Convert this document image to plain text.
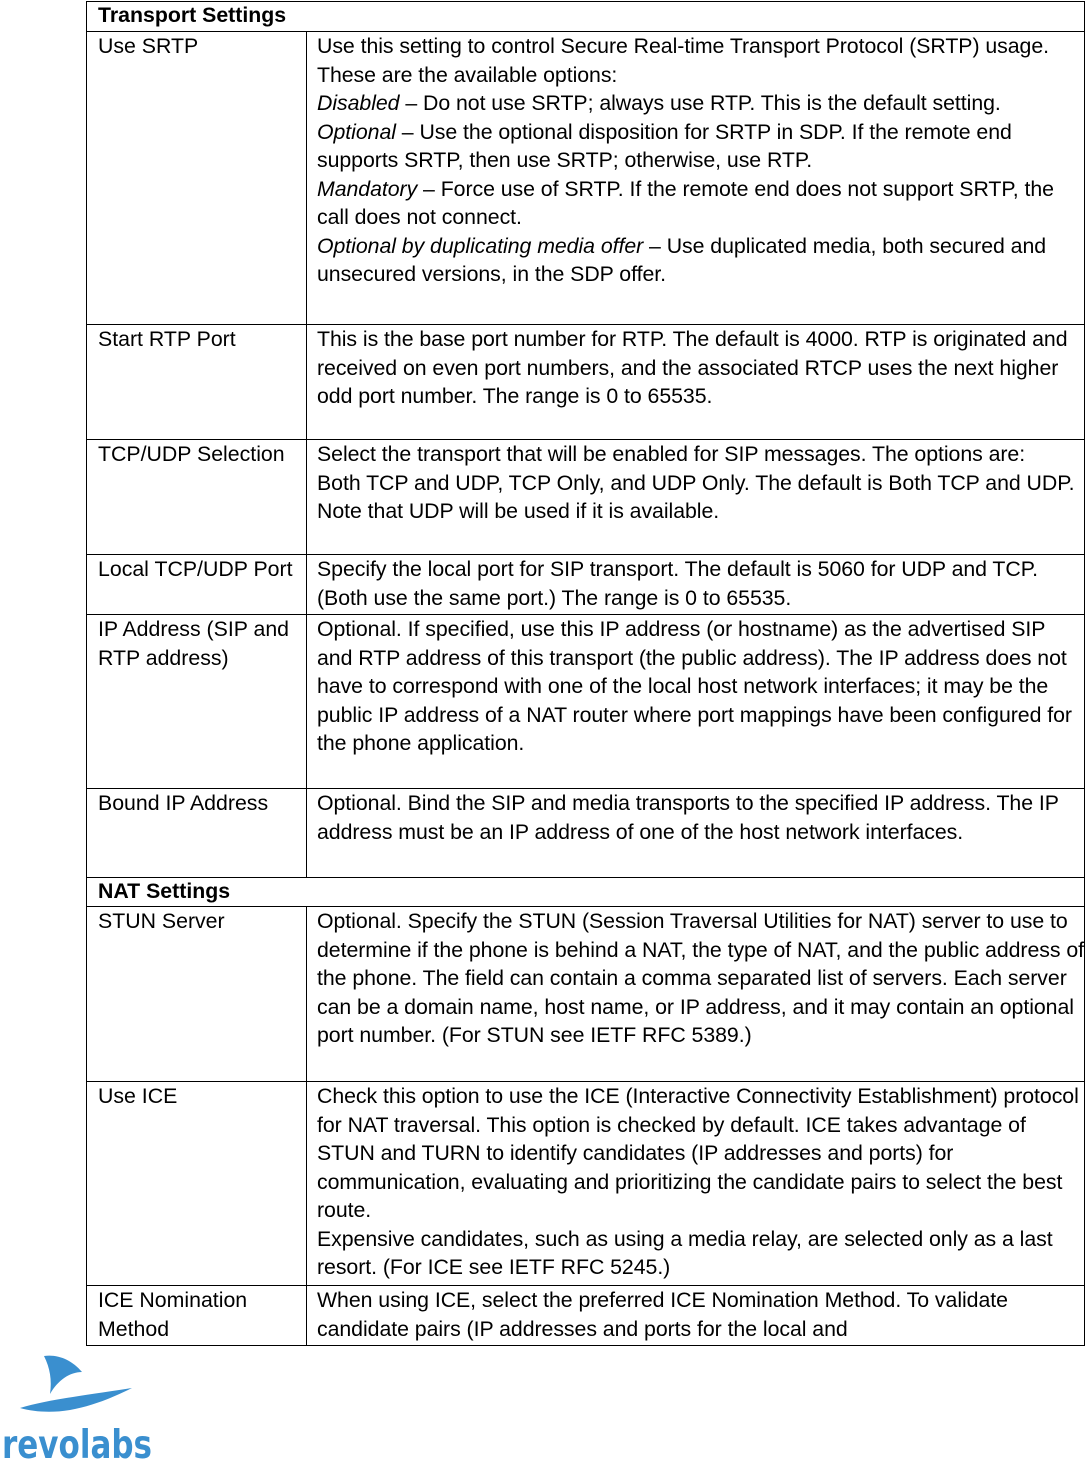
Transport Settings	
Use SRTP	Use this setting to control Secure Real-time Transport Protocol (SRTP) usage. These are the available options:

Disabled – Do not use SRTP; always use RTP. This is the default setting.

Optional – Use the optional disposition for SRTP in SDP. If the remote end supports SRTP, then use SRTP; otherwise, use RTP.

Mandatory – Force use of SRTP. If the remote end does not support SRTP, the call does not connect.

Optional by duplicating media offer – Use duplicated media, both secured and unsecured versions, in the SDP offer.

Start RTP Port	This is the base port number for RTP. The default is 4000. RTP is originated and received on even port numbers, and the associated RTCP uses the next higher odd port number. The range is 0 to 65535.
TCP/UDP Selection	Select the transport that will be enabled for SIP messages. The options are:

Both TCP and UDP, TCP Only, and UDP Only. The default is Both TCP and UDP. Note that UDP will be used if it is available.

Local TCP/UDP Port	Specify the local port for SIP transport. The default is 5060 for UDP and TCP. (Both use the same port.) The range is 0 to 65535.
IP Address (SIP and RTP address)	Optional. If specified, use this IP address (or hostname) as the advertised SIP and RTP address of this transport (the public address). The IP address does not have to correspond with one of the local host network interfaces; it may be the public IP address of a NAT router where port mappings have been configured for the phone application.
Bound IP Address	Optional. Bind the SIP and media transports to the specified IP address. The IP address must be an IP address of one of the host network interfaces.
NAT Settings	
STUN Server	Optional. Specify the STUN (Session Traversal Utilities for NAT) server to use to determine if the phone is behind a NAT, the type of NAT, and the public address of the phone. The field can contain a comma separated list of servers. Each server can be a domain name, host name, or IP address, and it may contain an optional port number. (For STUN see IETF RFC 5389.)
Use ICE	Check this option to use the ICE (Interactive Connectivity Establishment) protocol for NAT traversal. This option is checked by default. ICE takes advantage of STUN and TURN to identify candidates (IP addresses and ports) for communication, evaluating and prioritizing the candidate pairs to select the best route.

Expensive candidates, such as using a media relay, are selected only as a last resort. (For ICE see IETF RFC 5245.)

ICE Nomination Method	When using ICE, select the preferred ICE Nomination Method. To validate candidate pairs (IP addresses and ports for the local and
revolabs
